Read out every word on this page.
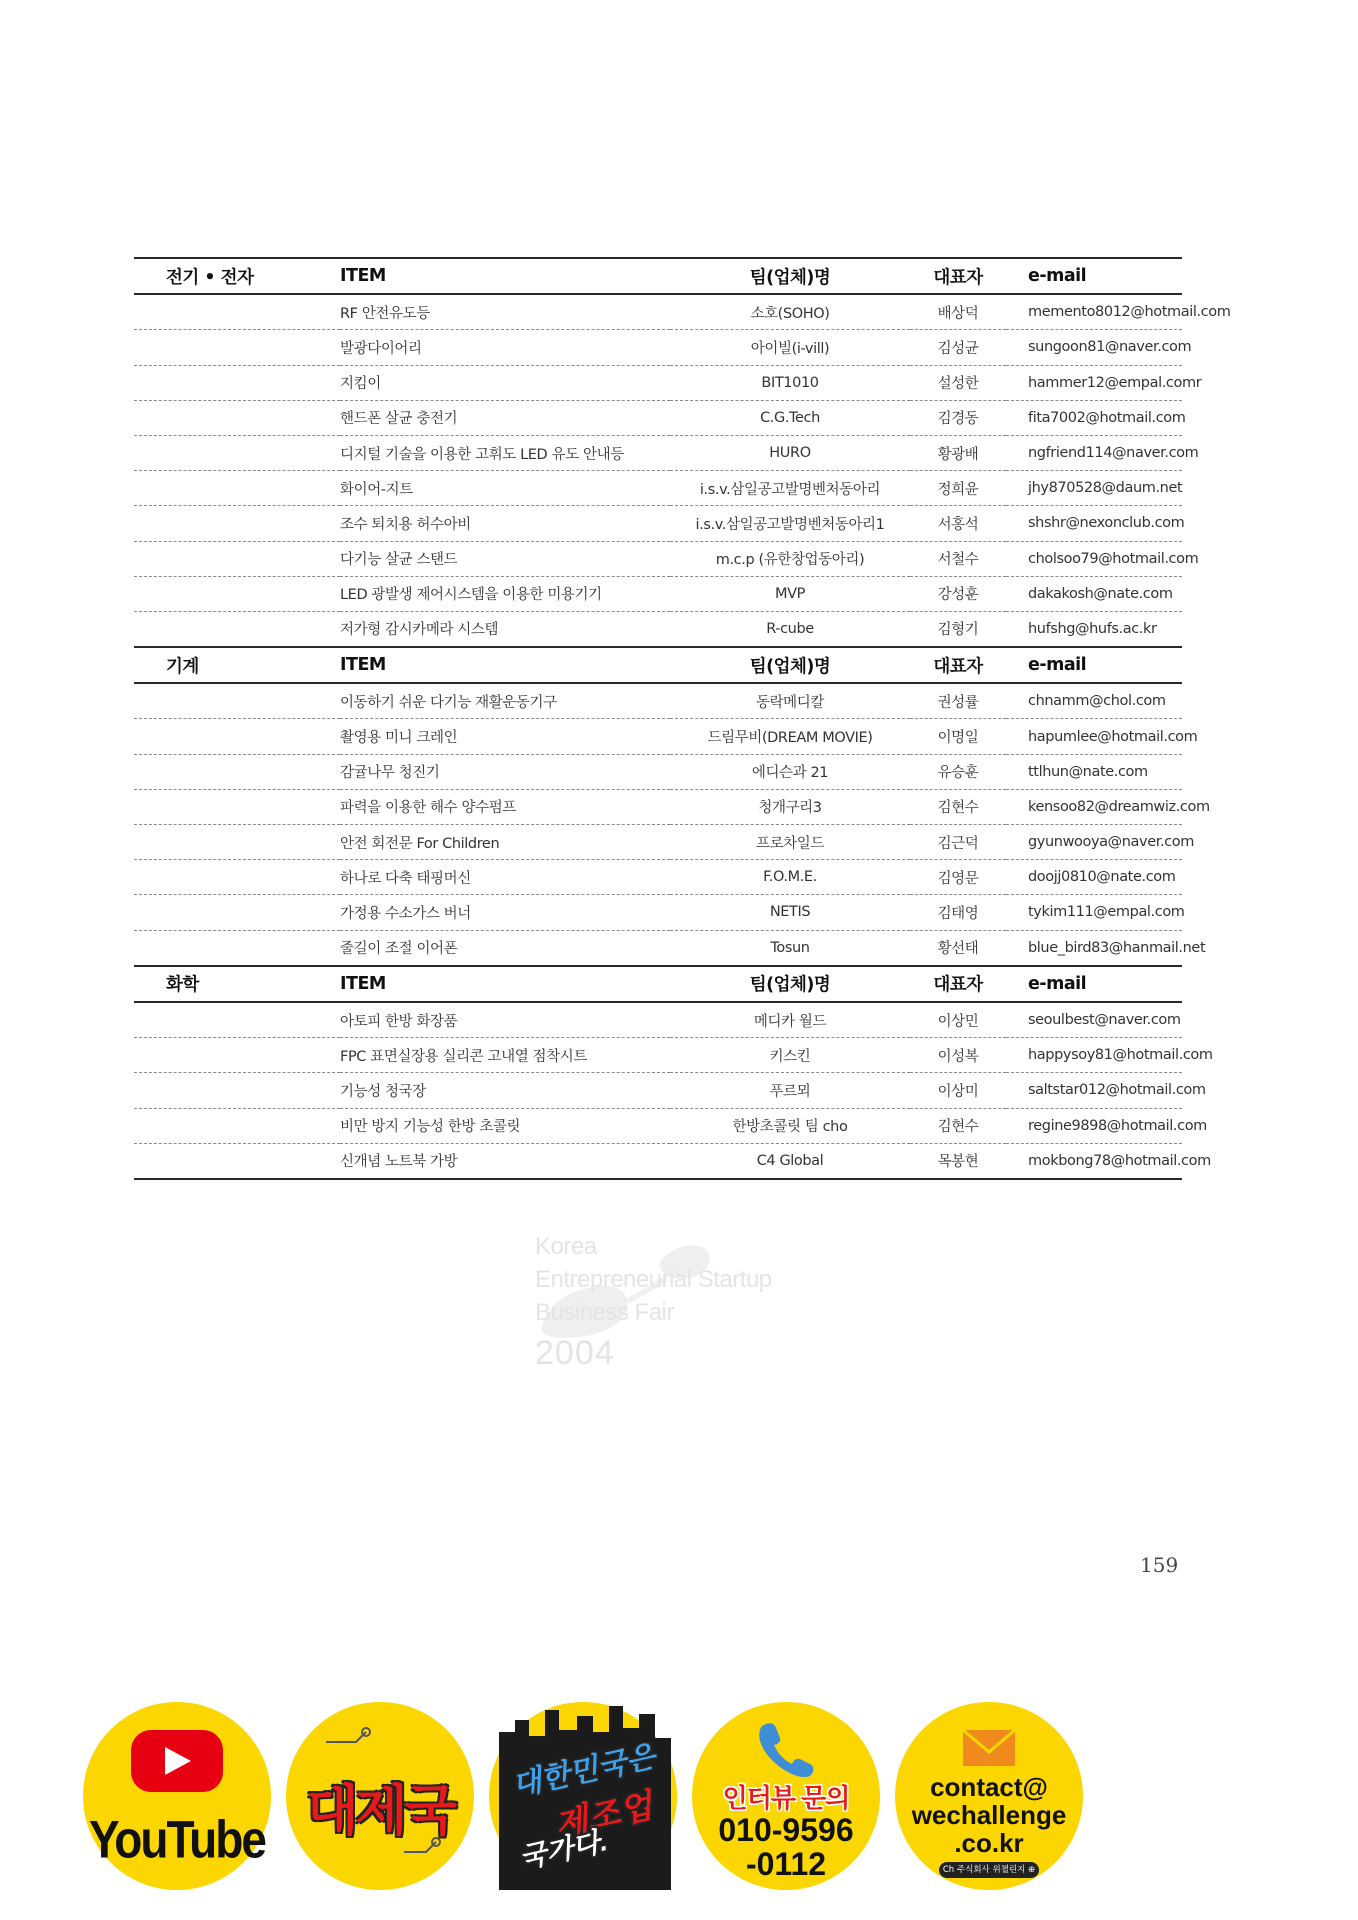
전기 • 전자	ITEM	팀(업체)명	대표자	e-mail
	RF 안전유도등	소호(SOHO)	배상덕	memento8012@hotmail.com
	발광다이어리	아이빌(i-vill)	김성균	sungoon81@naver.com
	지킴이	BIT1010	설성한	hammer12@empal.comr
	핸드폰 살균 충전기	C.G.Tech	김경동	fita7002@hotmail.com
	디지털 기술을 이용한 고휘도 LED 유도 안내등	HURO	황광배	ngfriend114@naver.com
	화이어-지트	i.s.v.삼일공고발명벤처동아리	정희윤	jhy870528@daum.net
	조수 퇴치용 허수아비	i.s.v.삼일공고발명벤처동아리1	서홍석	shshr@nexonclub.com
	다기능 살균 스탠드	m.c.p (유한창업동아리)	서철수	cholsoo79@hotmail.com
	LED 광발생 제어시스템을 이용한 미용기기	MVP	강성훈	dakakosh@nate.com
	저가형 감시카메라 시스템	R-cube	김형기	hufshg@hufs.ac.kr
기계	ITEM	팀(업체)명	대표자	e-mail
	이동하기 쉬운 다기능 재활운동기구	동락메디칼	권성률	chnamm@chol.com
	촬영용 미니 크레인	드림무비(DREAM MOVIE)	이명일	hapumlee@hotmail.com
	감귤나무 청진기	에디슨과 21	유승훈	ttlhun@nate.com
	파력을 이용한 해수 양수펌프	청개구리3	김현수	kensoo82@dreamwiz.com
	안전 회전문 For Children	프로차일드	김근덕	gyunwooya@naver.com
	하나로 다축 태핑머신	F.O.M.E.	김영문	doojj0810@nate.com
	가정용 수소가스 버너	NETIS	김태영	tykim111@empal.com
	줄길이 조절 이어폰	Tosun	황선태	blue_bird83@hanmail.net
화학	ITEM	팀(업체)명	대표자	e-mail
	아토피 한방 화장품	메디카 월드	이상민	seoulbest@naver.com
	FPC 표면실장용 실리콘 고내열 점착시트	키스킨	이성복	happysoy81@hotmail.com
	기능성 청국장	푸르뫼	이상미	saltstar012@hotmail.com
	비만 방지 기능성 한방 초콜릿	한방초콜릿 팀 cho	김현수	regine9898@hotmail.com
	신개념 노트북 가방	C4 Global	목봉현	mokbong78@hotmail.com
Korea
Entrepreneurial Startup
Business Fair
2004
159
YouTube 대제국
대한민국은
제조업
국가다.
인터뷰 문의
010-9596
-0112
contact@
wechallenge
.co.kr
Ch 주식회사 위챌린지 ⊕
